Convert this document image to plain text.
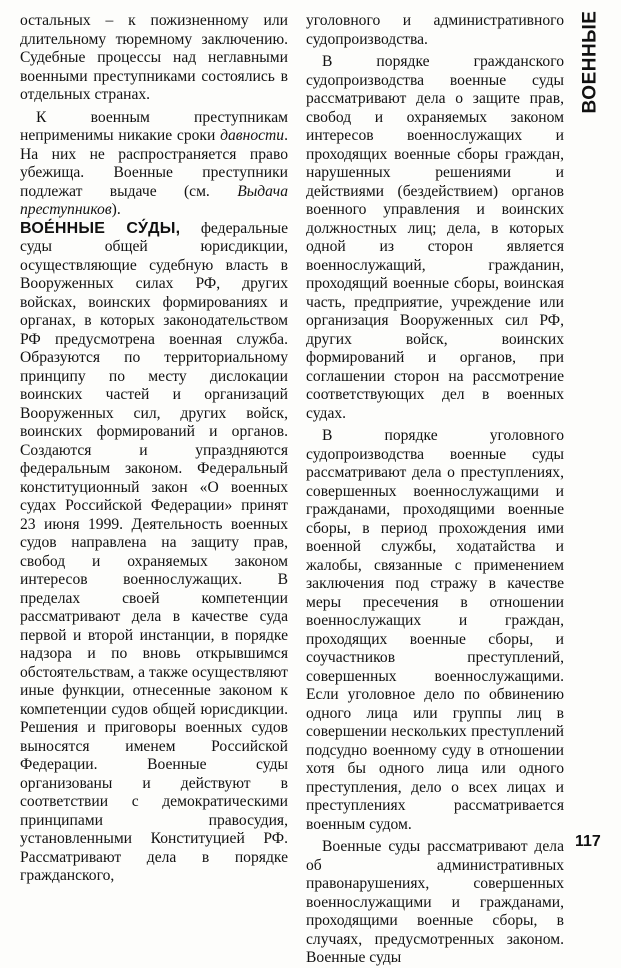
остальных – к пожизненному или длительному тюремному заключению. Судебные процессы над неглавными военными преступниками состоялись в отдельных странах.

К военным преступникам неприменимы никакие сроки давности. На них не распространяется право убежища. Военные преступники подлежат выдаче (см. Выдача преступников).

ВОЕ́ННЫЕ СУ́ДЫ, федеральные суды общей юрисдикции, осуществляющие судебную власть в Вооруженных силах РФ, других войсках, воинских формированиях и органах, в которых законодательством РФ предусмотрена военная служба. Образуются по территориальному принципу по месту дислокации воинских частей и организаций Вооруженных сил, других войск, воинских формирований и органов. Создаются и упраздняются федеральным законом. Федеральный конституционный закон «О военных судах Российской Федерации» принят 23 июня 1999. Деятельность военных судов направлена на защиту прав, свобод и охраняемых законом интересов военнослужащих. В пределах своей компетенции рассматривают дела в качестве суда первой и второй инстанции, в порядке надзора и по вновь открывшимся обстоятельствам, а также осуществляют иные функции, отнесенные законом к компетенции судов общей юрисдикции. Решения и приговоры военных судов выносятся именем Российской Федерации. Военные суды организованы и действуют в соответствии с демократическими принципами правосудия, установленными Конституцией РФ. Рассматривают дела в порядке гражданского,

уголовного и административного судопроизводства.

В порядке гражданского судопроизводства военные суды рассматривают дела о защите прав, свобод и охраняемых законом интересов военнослужащих и проходящих военные сборы граждан, нарушенных решениями и действиями (бездействием) органов военного управления и воинских должностных лиц; дела, в которых одной из сторон является военнослужащий, гражданин, проходящий военные сборы, воинская часть, предприятие, учреждение или организация Вооруженных сил РФ, других войск, воинских формирований и органов, при соглашении сторон на рассмотрение соответствующих дел в военных судах.

В порядке уголовного судопроизводства военные суды рассматривают дела о преступлениях, совершенных военнослужащими и гражданами, проходящими военные сборы, в период прохождения ими военной службы, ходатайства и жалобы, связанные с применением заключения под стражу в качестве меры пресечения в отношении военнослужащих и граждан, проходящих военные сборы, и соучастников преступлений, совершенных военнослужащими. Если уголовное дело по обвинению одного лица или группы лиц в совершении нескольких преступлений подсудно военному суду в отношении хотя бы одного лица или одного преступления, дело о всех лицах и преступлениях рассматривается военным судом.

Военные суды рассматривают дела об административных правонарушениях, совершенных военнослужащими и гражданами, проходящими военные сборы, в случаях, предусмотренных законом. Военные суды

ВОЕННЫЕ
117
